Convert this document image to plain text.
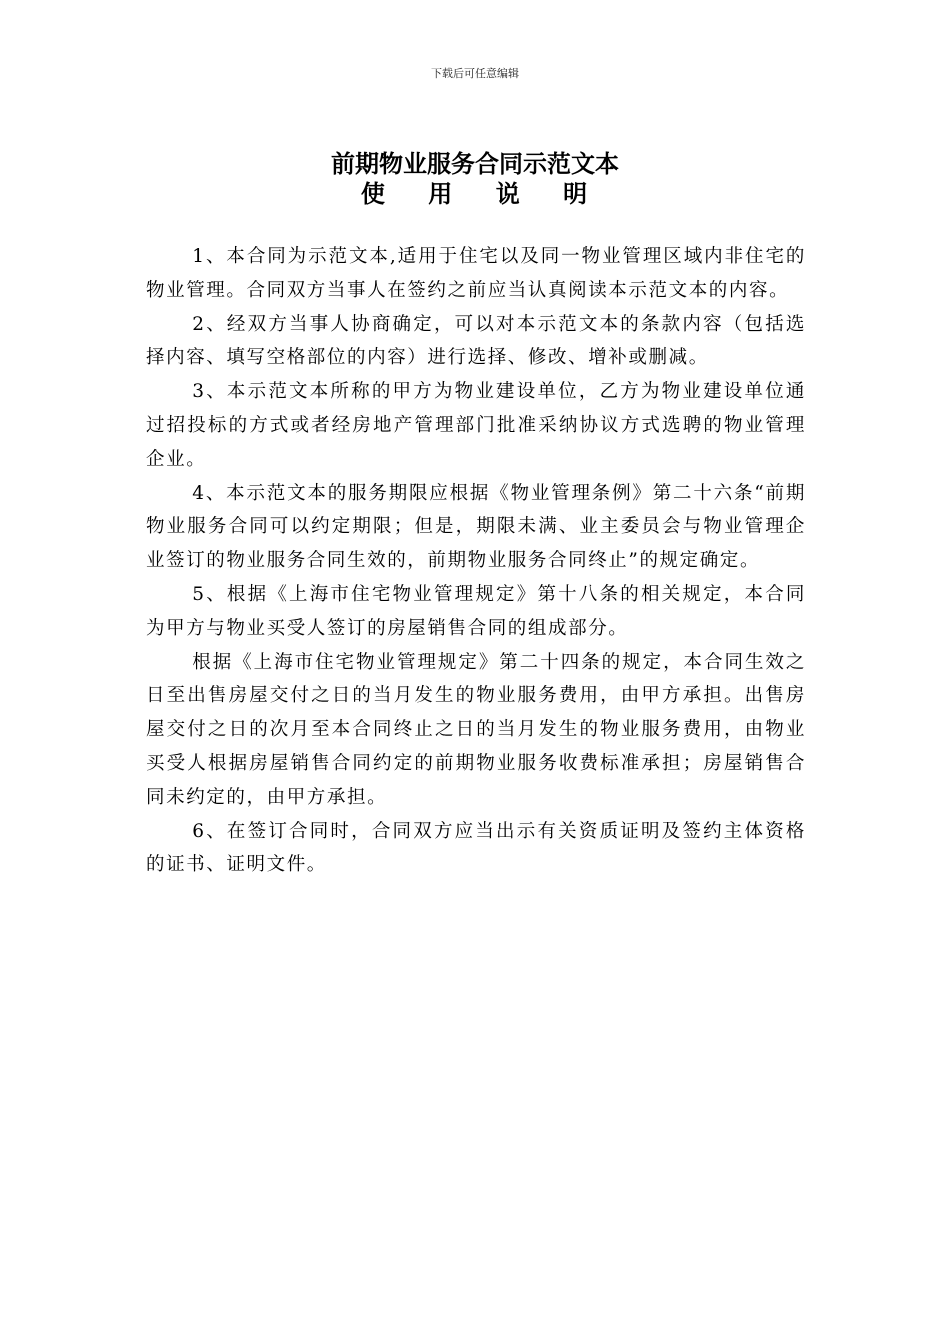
下载后可任意编辑
前期物业服务合同示范文本
使    用    说    明

1、本合同为示范文本,适用于住宅以及同一物业管理区域内非住宅的物业管理。合同双方当事人在签约之前应当认真阅读本示范文本的内容。

2、经双方当事人协商确定，可以对本示范文本的条款内容（包括选择内容、填写空格部位的内容）进行选择、修改、增补或删减。

3、本示范文本所称的甲方为物业建设单位，乙方为物业建设单位通过招投标的方式或者经房地产管理部门批准采纳协议方式选聘的物业管理企业。

4、本示范文本的服务期限应根据《物业管理条例》第二十六条“前期物业服务合同可以约定期限；但是，期限未满、业主委员会与物业管理企业签订的物业服务合同生效的，前期物业服务合同终止”的规定确定。

5、根据《上海市住宅物业管理规定》第十八条的相关规定，本合同为甲方与物业买受人签订的房屋销售合同的组成部分。

根据《上海市住宅物业管理规定》第二十四条的规定，本合同生效之日至出售房屋交付之日的当月发生的物业服务费用，由甲方承担。出售房屋交付之日的次月至本合同终止之日的当月发生的物业服务费用，由物业买受人根据房屋销售合同约定的前期物业服务收费标准承担；房屋销售合同未约定的，由甲方承担。

6、在签订合同时，合同双方应当出示有关资质证明及签约主体资格的证书、证明文件。
